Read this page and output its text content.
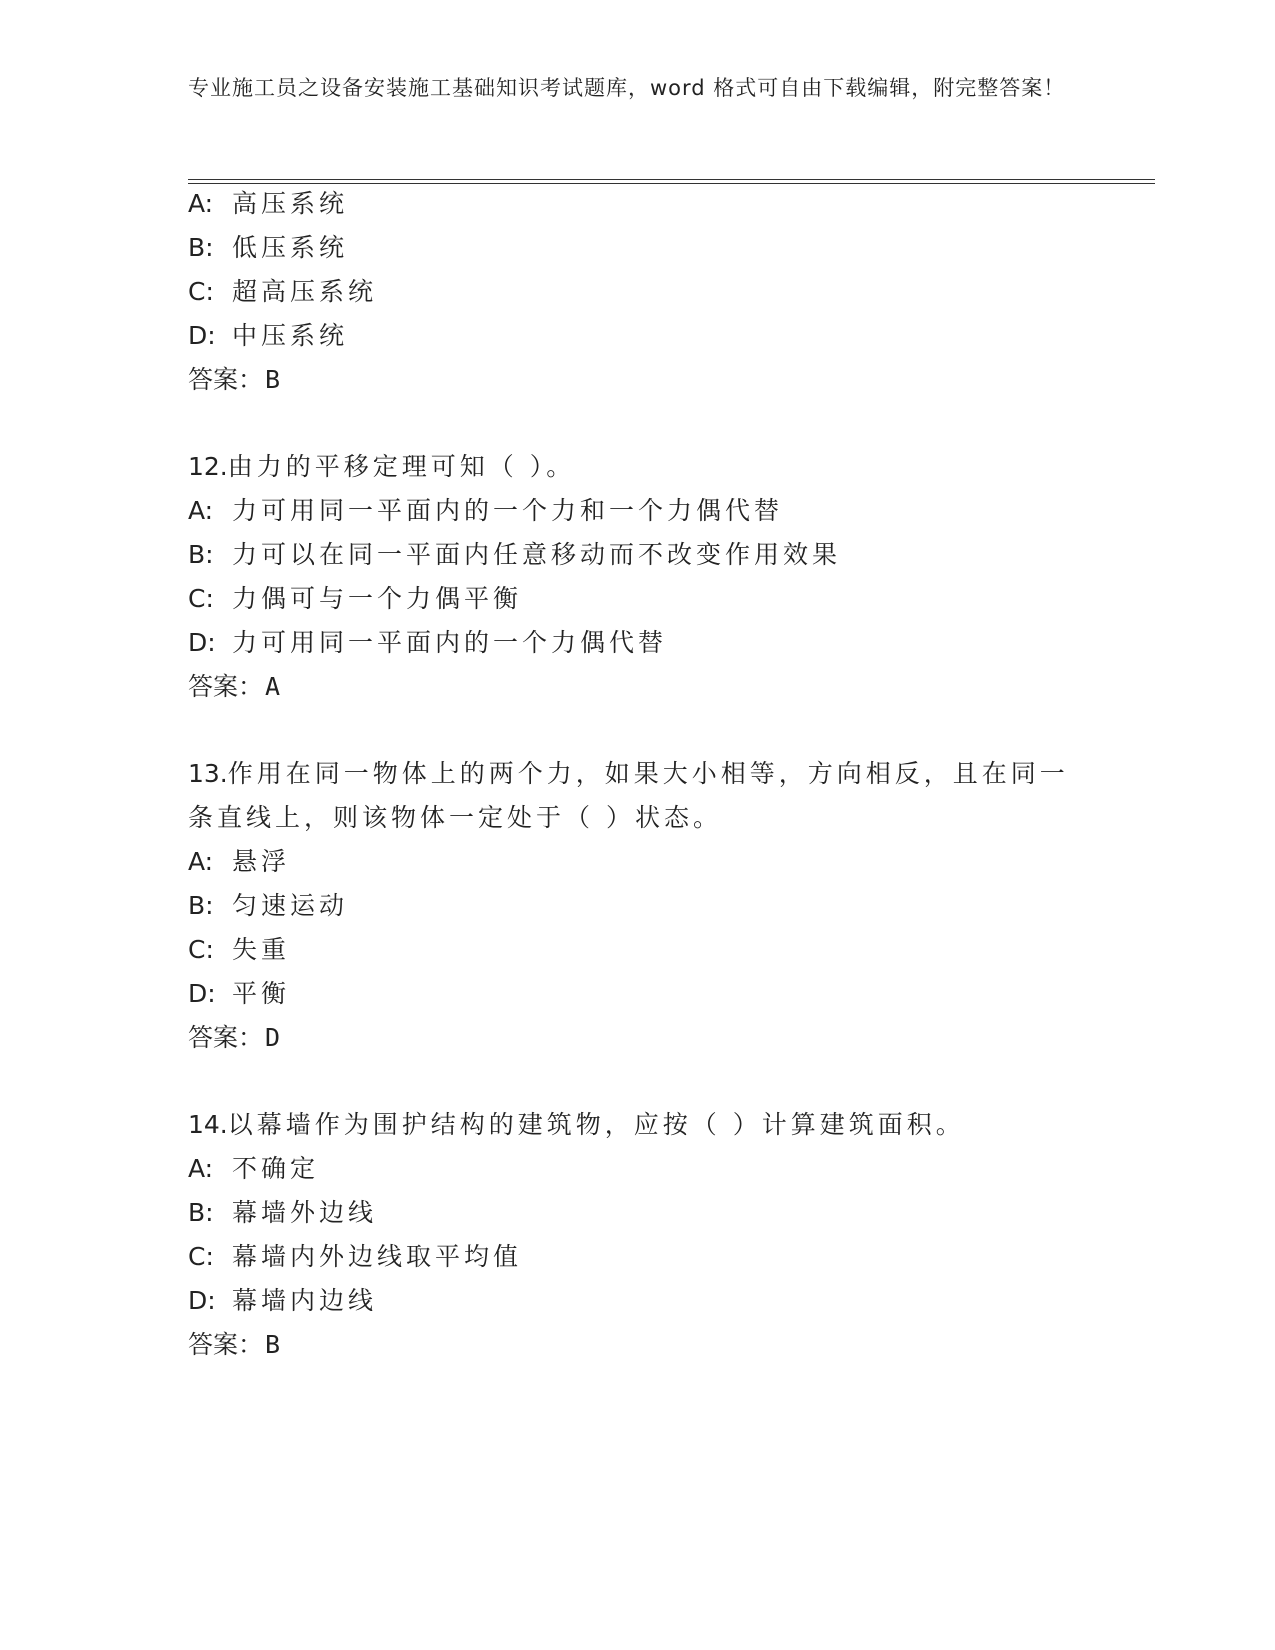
专业施工员之设备安装施工基础知识考试题库，word 格式可自由下载编辑，附完整答案！
A: 高压系统
B: 低压系统
C: 超高压系统
D: 中压系统
答案：B
12.由力的平移定理可知（ ）。
A: 力可用同一平面内的一个力和一个力偶代替
B: 力可以在同一平面内任意移动而不改变作用效果
C: 力偶可与一个力偶平衡
D: 力可用同一平面内的一个力偶代替
答案：A
13.作用在同一物体上的两个力，如果大小相等，方向相反，且在同一
条直线上，则该物体一定处于（ ）状态。
A: 悬浮
B: 匀速运动
C: 失重
D: 平衡
答案：D
14.以幕墙作为围护结构的建筑物，应按（ ）计算建筑面积。
A: 不确定
B: 幕墙外边线
C: 幕墙内外边线取平均值
D: 幕墙内边线
答案：B
